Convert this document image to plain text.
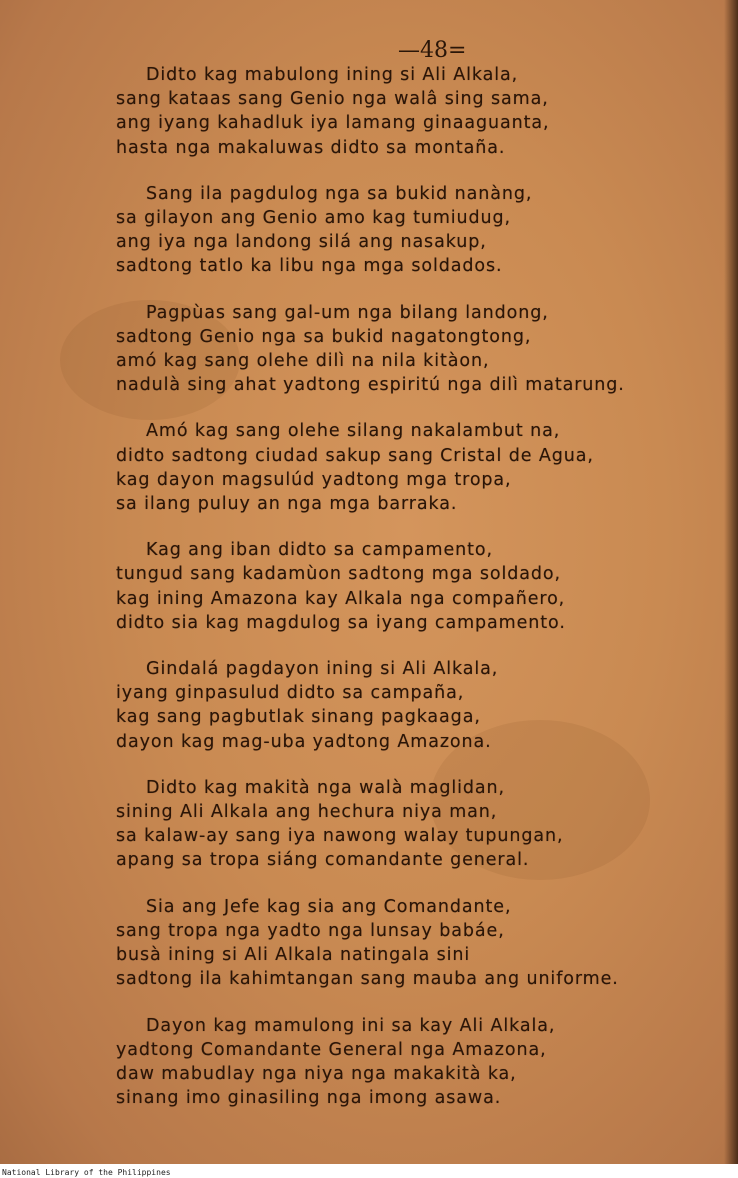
—48=
Didto kag mabulong ining si Ali Alkala,
sang kataas sang Genio nga walâ sing sama,
ang iyang kahadluk iya lamang ginaaguanta,
hasta nga makaluwas didto sa montaña.
Sang ila pagdulog nga sa bukid nanàng,
sa gilayon ang Genio amo kag tumiudug,
ang iya nga landong silá ang nasakup,
sadtong tatlo ka libu nga mga soldados.
Pagpùas sang gal-um nga bilang landong,
sadtong Genio nga sa bukid nagatongtong,
amó kag sang olehe dilì na nila kitàon,
nadulà sing ahat yadtong espiritú nga dilì matarung.
Amó kag sang olehe silang nakalambut na,
didto sadtong ciudad sakup sang Cristal de Agua,
kag dayon magsulúd yadtong mga tropa,
sa ilang puluy an nga mga barraka.
Kag ang iban didto sa campamento,
tungud sang kadamùon sadtong mga soldado,
kag ining Amazona kay Alkala nga compañero,
didto sia kag magdulog sa iyang campamento.
Gindalá pagdayon ining si Ali Alkala,
iyang ginpasulud didto sa campaña,
kag sang pagbutlak sinang pagkaaga,
dayon kag mag-uba yadtong Amazona.
Didto kag makità nga walà maglidan,
sining Ali Alkala ang hechura niya man,
sa kalaw-ay sang iya nawong walay tupungan,
apang sa tropa siáng comandante general.
Sia ang Jefe kag sia ang Comandante,
sang tropa nga yadto nga lunsay babáe,
busà ining si Ali Alkala natingala sini
sadtong ila kahimtangan sang mauba ang uniforme.
Dayon kag mamulong ini sa kay Ali Alkala,
yadtong Comandante General nga Amazona,
daw mabudlay nga niya nga makakità ka,
sinang imo ginasiling nga imong asawa.
National Library of the Philippines
